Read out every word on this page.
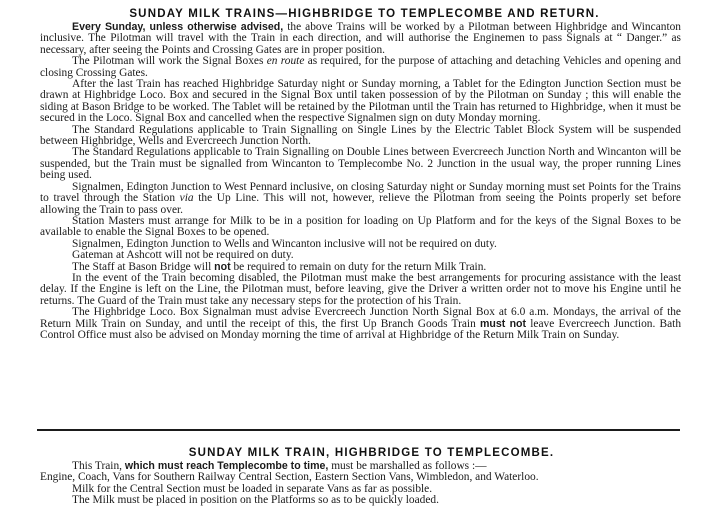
SUNDAY MILK TRAINS—HIGHBRIDGE TO TEMPLECOMBE AND RETURN.

Every Sunday, unless otherwise advised, the above Trains will be worked by a Pilotman between Highbridge and Wincanton inclusive. The Pilotman will travel with the Train in each direction, and will authorise the Enginemen to pass Signals at “ Danger.” as necessary, after seeing the Points and Crossing Gates are in proper position.

The Pilotman will work the Signal Boxes en route as required, for the purpose of attaching and detaching Vehicles and opening and closing Crossing Gates.

After the last Train has reached Highbridge Saturday night or Sunday morning, a Tablet for the Edington Junction Section must be drawn at Highbridge Loco. Box and secured in the Signal Box until taken possession of by the Pilotman on Sunday ; this will enable the siding at Bason Bridge to be worked. The Tablet will be retained by the Pilotman until the Train has returned to Highbridge, when it must be secured in the Loco. Signal Box and cancelled when the respective Signalmen sign on duty Monday morning.

The Standard Regulations applicable to Train Signalling on Single Lines by the Electric Tablet Block System will be suspended between Highbridge, Wells and Evercreech Junction North.

The Standard Regulations applicable to Train Signalling on Double Lines between Evercreech Junction North and Wincanton will be suspended, but the Train must be signalled from Wincanton to Templecombe No. 2 Junction in the usual way, the proper running Lines being used.

Signalmen, Edington Junction to West Pennard inclusive, on closing Saturday night or Sunday morning must set Points for the Trains to travel through the Station via the Up Line. This will not, however, relieve the Pilotman from seeing the Points properly set before allowing the Train to pass over.

Station Masters must arrange for Milk to be in a position for loading on Up Platform and for the keys of the Signal Boxes to be available to enable the Signal Boxes to be opened.

Signalmen, Edington Junction to Wells and Wincanton inclusive will not be required on duty.

Gateman at Ashcott will not be required on duty.

The Staff at Bason Bridge will not be required to remain on duty for the return Milk Train.

In the event of the Train becoming disabled, the Pilotman must make the best arrangements for procuring assistance with the least delay. If the Engine is left on the Line, the Pilotman must, before leaving, give the Driver a written order not to move his Engine until he returns. The Guard of the Train must take any necessary steps for the protection of his Train.

The Highbridge Loco. Box Signalman must advise Evercreech Junction North Signal Box at 6.0 a.m. Mondays, the arrival of the Return Milk Train on Sunday, and until the receipt of this, the first Up Branch Goods Train must not leave Evercreech Junction. Bath Control Office must also be advised on Monday morning the time of arrival at Highbridge of the Return Milk Train on Sunday.

SUNDAY MILK TRAIN, HIGHBRIDGE TO TEMPLECOMBE.

This Train, which must reach Templecombe to time, must be marshalled as follows :—

Engine, Coach, Vans for Southern Railway Central Section, Eastern Section Vans, Wimbledon, and Waterloo.

Milk for the Central Section must be loaded in separate Vans as far as possible.

The Milk must be placed in position on the Platforms so as to be quickly loaded.
